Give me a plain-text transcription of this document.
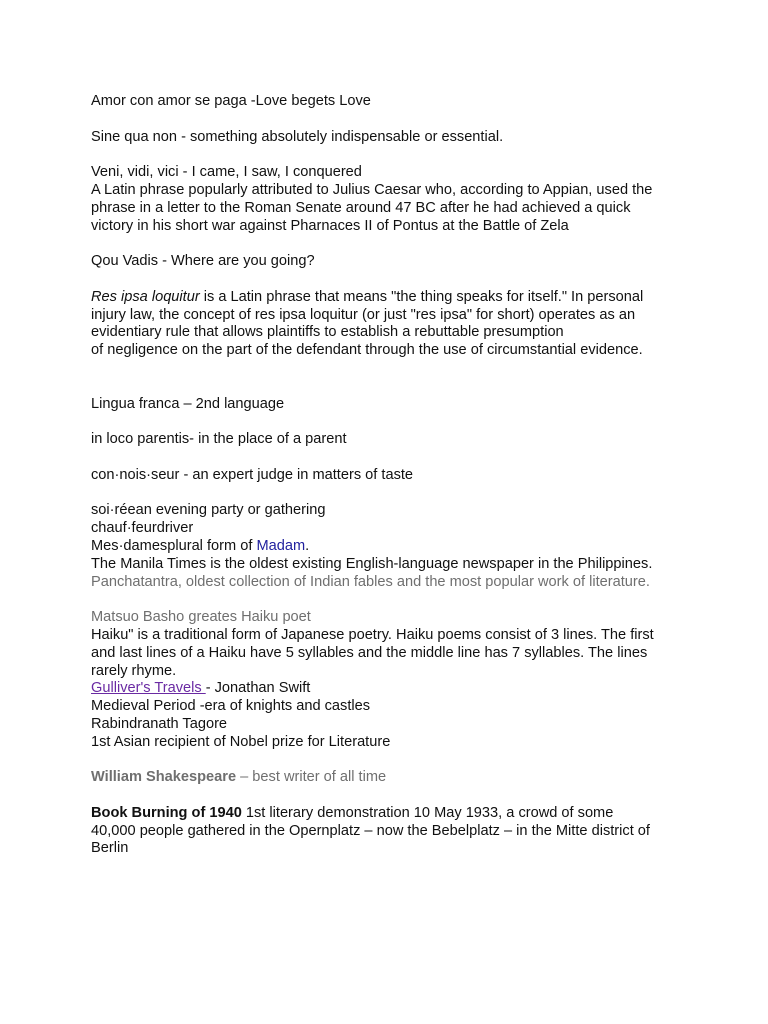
Amor con amor se paga -Love begets Love

Sine qua non - something absolutely indispensable or essential.

Veni, vidi, vici - I came, I saw, I conquered

A Latin phrase popularly attributed to Julius Caesar who, according to Appian, used the

phrase in a letter to the Roman Senate around 47 BC after he had achieved a quick

victory in his short war against Pharnaces II of Pontus at the Battle of Zela

Qou Vadis - Where are you going?

Res ipsa loquitur is a Latin phrase that means "the thing speaks for itself." In personal

injury law, the concept of res ipsa loquitur (or just "res ipsa" for short) operates as an

evidentiary rule that allows plaintiffs to establish a rebuttable presumption

of negligence on the part of the defendant through the use of circumstantial evidence.

Lingua franca – 2nd language

in loco parentis- in the place of a parent

con·nois·seur - an expert judge in matters of taste

soi·réean evening party or gathering

chauf·feurdriver

Mes·damesplural form of Madam.

The Manila Times is the oldest existing English-language newspaper in the Philippines.

Panchatantra, oldest collection of Indian fables and the most popular work of literature.

Matsuo Basho greates Haiku poet

Haiku" is a traditional form of Japanese poetry. Haiku poems consist of 3 lines. The first

and last lines of a Haiku have 5 syllables and the middle line has 7 syllables. The lines

rarely rhyme.

Gulliver's Travels - Jonathan Swift

Medieval Period -era of knights and castles

Rabindranath Tagore

1st Asian recipient of Nobel prize for Literature

William Shakespeare – best writer of all time

Book Burning of 1940 1st literary demonstration 10 May 1933, a crowd of some

40,000 people gathered in the Opernplatz – now the Bebelplatz – in the Mitte district of

Berlin
